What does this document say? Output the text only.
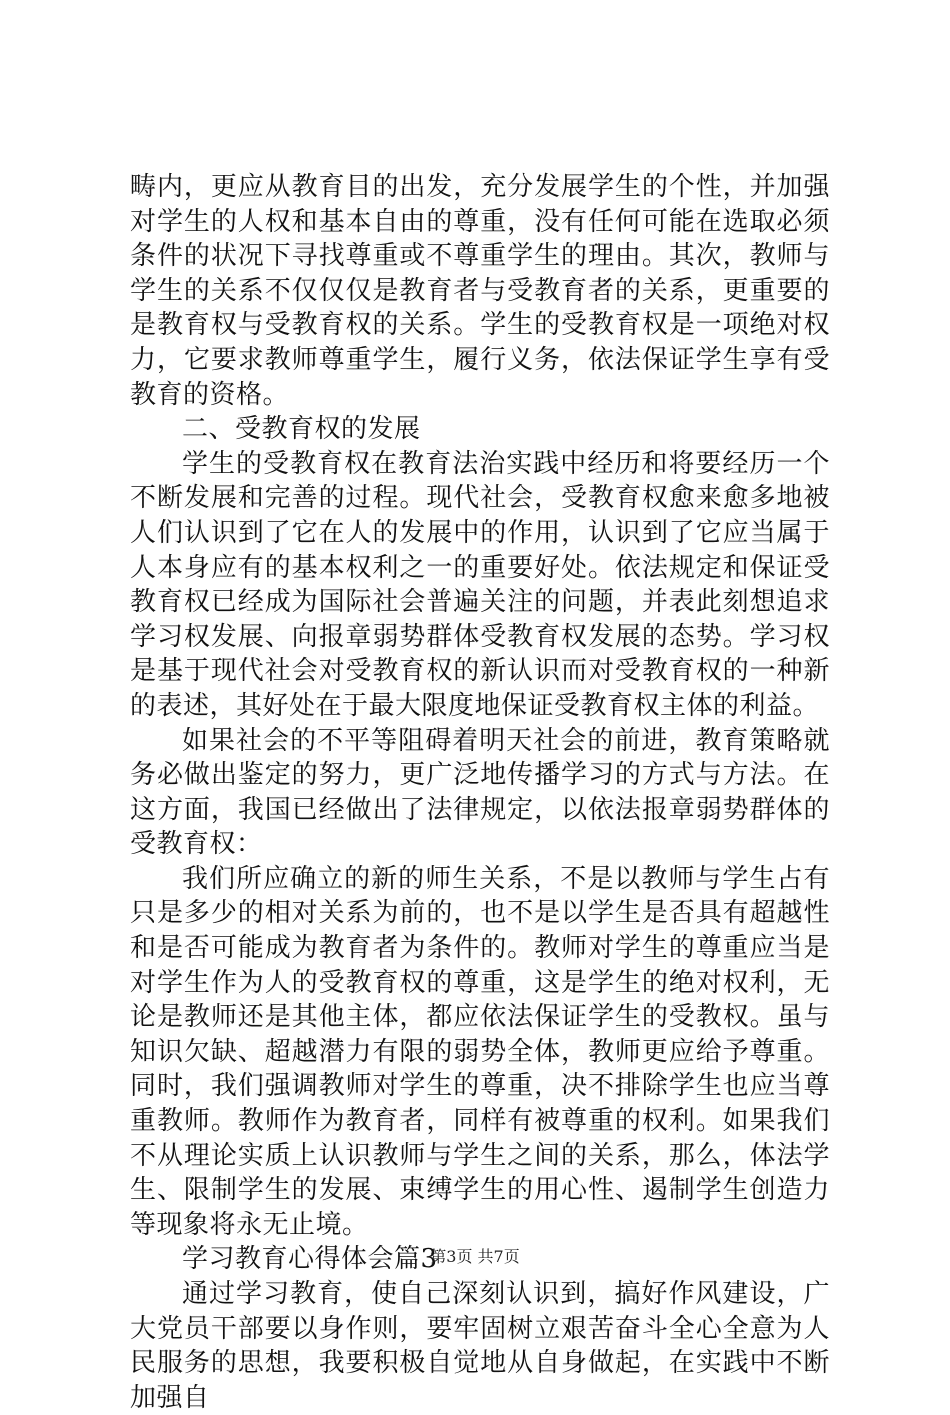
畴内，更应从教育目的出发，充分发展学生的个性，并加强对学生的人权和基本自由的尊重，没有任何可能在选取必须条件的状况下寻找尊重或不尊重学生的理由。其次，教师与学生的关系不仅仅仅是教育者与受教育者的关系，更重要的是教育权与受教育权的关系。学生的受教育权是一项绝对权力，它要求教师尊重学生，履行义务，依法保证学生享有受教育的资格。

二、受教育权的发展

学生的受教育权在教育法治实践中经历和将要经历一个不断发展和完善的过程。现代社会，受教育权愈来愈多地被人们认识到了它在人的发展中的作用，认识到了它应当属于人本身应有的基本权利之一的重要好处。依法规定和保证受教育权已经成为国际社会普遍关注的问题，并表此刻想追求学习权发展、向报章弱势群体受教育权发展的态势。学习权是基于现代社会对受教育权的新认识而对受教育权的一种新的表述，其好处在于最大限度地保证受教育权主体的利益。

如果社会的不平等阻碍着明天社会的前进，教育策略就务必做出鉴定的努力，更广泛地传播学习的方式与方法。在这方面，我国已经做出了法律规定，以依法报章弱势群体的受教育权：

我们所应确立的新的师生关系，不是以教师与学生占有只是多少的相对关系为前的，也不是以学生是否具有超越性和是否可能成为教育者为条件的。教师对学生的尊重应当是对学生作为人的受教育权的尊重，这是学生的绝对权利，无论是教师还是其他主体，都应依法保证学生的受教权。虽与知识欠缺、超越潜力有限的弱势全体，教师更应给予尊重。同时，我们强调教师对学生的尊重，决不排除学生也应当尊重教师。教师作为教育者，同样有被尊重的权利。如果我们不从理论实质上认识教师与学生之间的关系，那么，体法学生、限制学生的发展、束缚学生的用心性、遏制学生创造力等现象将永无止境。

学习教育心得体会篇3

通过学习教育，使自己深刻认识到，搞好作风建设，广大党员干部要以身作则，要牢固树立艰苦奋斗全心全意为人民服务的思想，我要积极自觉地从自身做起，在实践中不断加强自

第3页 共7页
